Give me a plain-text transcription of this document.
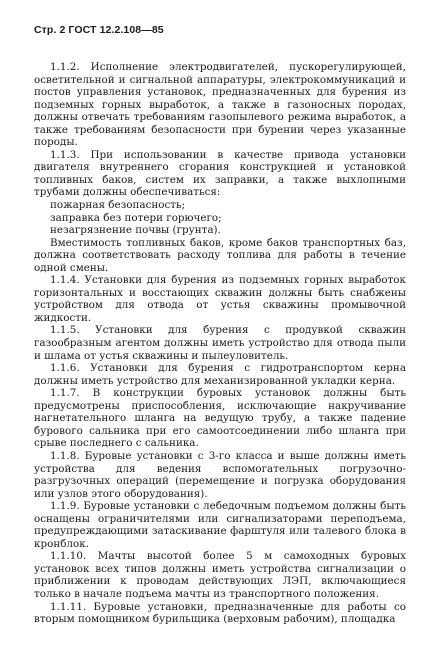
Стр. 2 ГОСТ 12.2.108—85

1.1.2. Исполнение электродвигателей, пускорегулирующей, осветительной и сигнальной аппаратуры, электрокоммуникаций и постов управления установок, предназначенных для бурения из подземных горных выработок, а также в газоносных породах, должны отвечать требованиям газопылевого режима выработок, а также требованиям безопасности при бурении через указанные породы.

1.1.3. При использовании в качестве привода установки двигателя внутреннего сгорания конструкцией и установкой топливных баков, систем их заправки, а также выхлопными трубами должны обеспечиваться:

пожарная безопасность;

заправка без потери горючего;

незагрязнение почвы (грунта).

Вместимость топливных баков, кроме баков транспортных баз, должна соответствовать расходу топлива для работы в течение одной смены.

1.1.4. Установки для бурения из подземных горных выработок горизонтальных и восстающих скважин должны быть снабжены устройством для отвода от устья скважины промывочной жидкости.

1.1.5. Установки для бурения с продувкой скважин газообразным агентом должны иметь устройство для отвода пыли и шлама от устья скважины и пылеуловитель.

1.1.6. Установки для бурения с гидротранспортом керна должны иметь устройство для механизированной укладки керна.

1.1.7. В конструкции буровых установок должны быть предусмотрены приспособления, исключающие накручивание нагнетательного шланга на ведущую трубу, а также падение бурового сальника при его самоотсоединении либо шланга при срыве последнего с сальника.

1.1.8. Буровые установки с 3-го класса и выше должны иметь устройства для ведения вспомогательных погрузочно-разгрузочных операций (перемещение и погрузка оборудования или узлов этого оборудования).

1.1.9. Буровые установки с лебедочным подъемом должны быть оснащены ограничителями или сигнализаторами переподъема, предупреждающими затаскивание фарштуля или талевого блока в кронблок.

1.1.10. Мачты высотой более 5 м самоходных буровых установок всех типов должны иметь устройства сигнализации о приближении к проводам действующих ЛЭП, включающиеся только в начале подъема мачты из транспортного положения.

1.1.11. Буровые установки, предназначенные для работы со вторым помощником бурильщика (верховым рабочим), площадка
